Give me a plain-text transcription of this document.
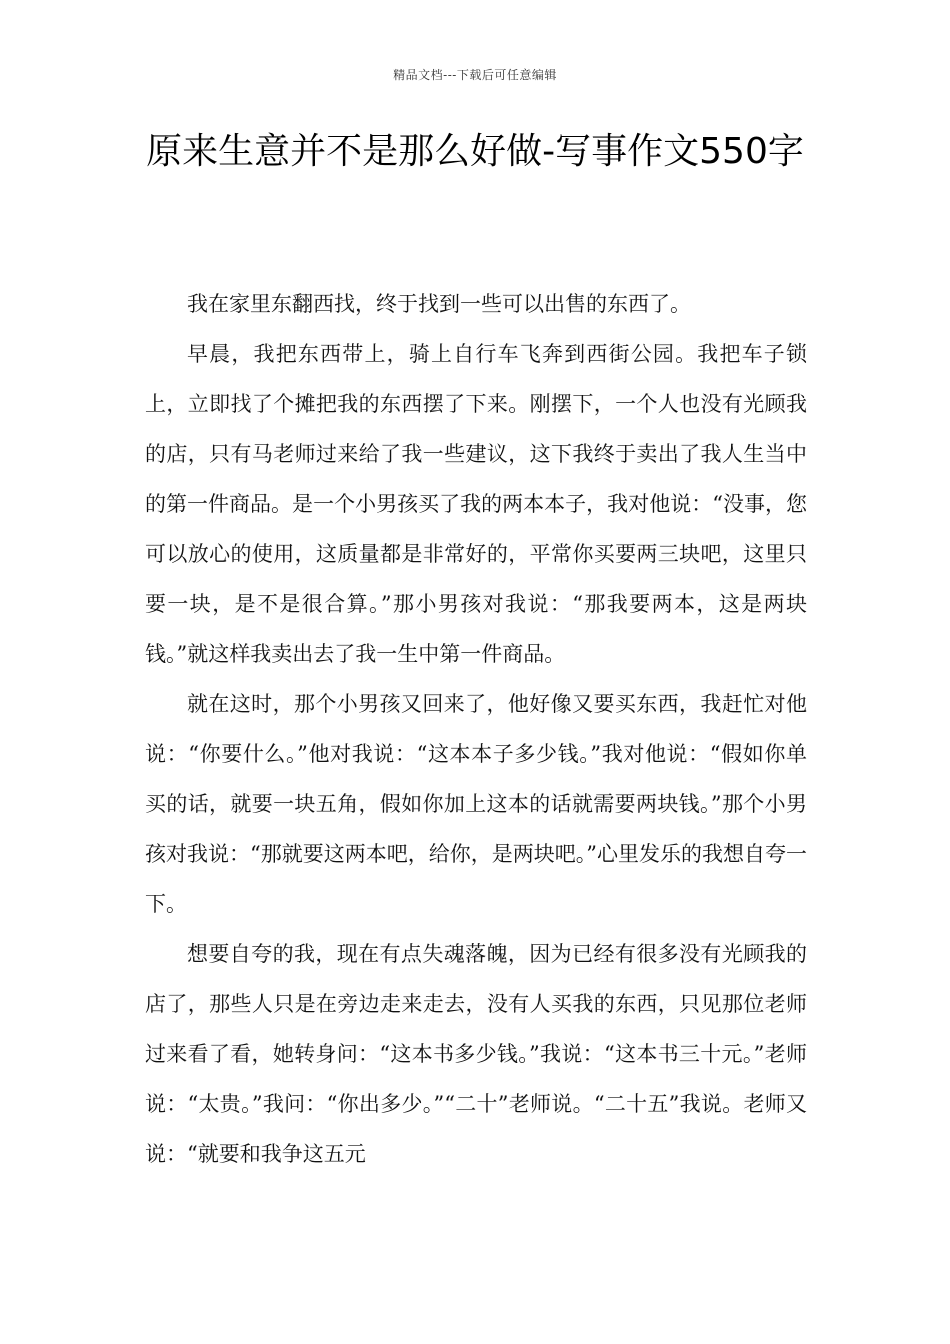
精品文档---下载后可任意编辑
原来生意并不是那么好做-写事作文550字

我在家里东翻西找，终于找到一些可以出售的东西了。

早晨，我把东西带上，骑上自行车飞奔到西街公园。我把车子锁上，立即找了个摊把我的东西摆了下来。刚摆下，一个人也没有光顾我的店，只有马老师过来给了我一些建议，这下我终于卖出了我人生当中的第一件商品。是一个小男孩买了我的两本本子，我对他说：“没事，您可以放心的使用，这质量都是非常好的，平常你买要两三块吧，这里只要一块，是不是很合算。”那小男孩对我说：“那我要两本，这是两块钱。”就这样我卖出去了我一生中第一件商品。

就在这时，那个小男孩又回来了，他好像又要买东西，我赶忙对他说：“你要什么。”他对我说：“这本本子多少钱。”我对他说：“假如你单买的话，就要一块五角，假如你加上这本的话就需要两块钱。”那个小男孩对我说：“那就要这两本吧，给你，是两块吧。”心里发乐的我想自夸一下。

想要自夸的我，现在有点失魂落魄，因为已经有很多没有光顾我的店了，那些人只是在旁边走来走去，没有人买我的东西，只见那位老师过来看了看，她转身问：“这本书多少钱。”我说：“这本书三十元。”老师说：“太贵。”我问：“你出多少。”“二十”老师说。“二十五”我说。老师又说：“就要和我争这五元
